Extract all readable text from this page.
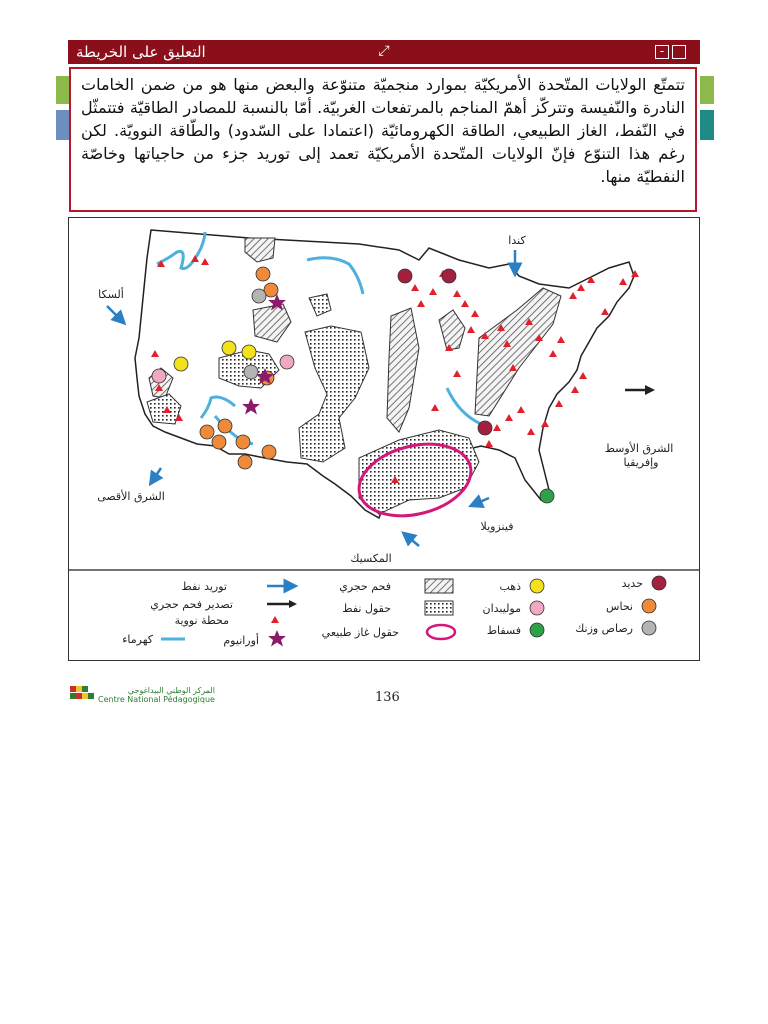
⤢
التعليق على الخريطة	-
تتمتّع الولايات المتّحدة الأمريكيّة بموارد منجميّة متنوّعة والبعض منها هو من ضمن الخامات النادرة والنّفيسة وتتركّز أهمّ المناجم بالمرتفعات الغربيّة. أمّا بالنسبة للمصادر الطاقيّة فتتمثّل في النّفط، الغاز الطبيعي، الطاقة الكهرومائيّة (اعتمادا على السّدود) والطّاقة النوويّة. لكن رغم هذا التنوّع فإنّ الولايات المتّحدة الأمريكيّة تعمد إلى توريد جزء من حاجياتها وخاصّة النفطيّة منها.
كندا
ألسكا
الشرق الأوسط
وإفريقيا
الشرق الأقصى
فينزويلا
المكسيك
حديد
نحاس
رصاص وزنك
ذهب
موليبدان
فسفاط
فحم حجري
حقول نفط
حقول غاز طبيعي
توريد نفط
تصدير فحم حجري
محطة نووية
أورانيوم
كهرماء
المركز الوطني البيداغوجي
Centre National Pédagogique	136
